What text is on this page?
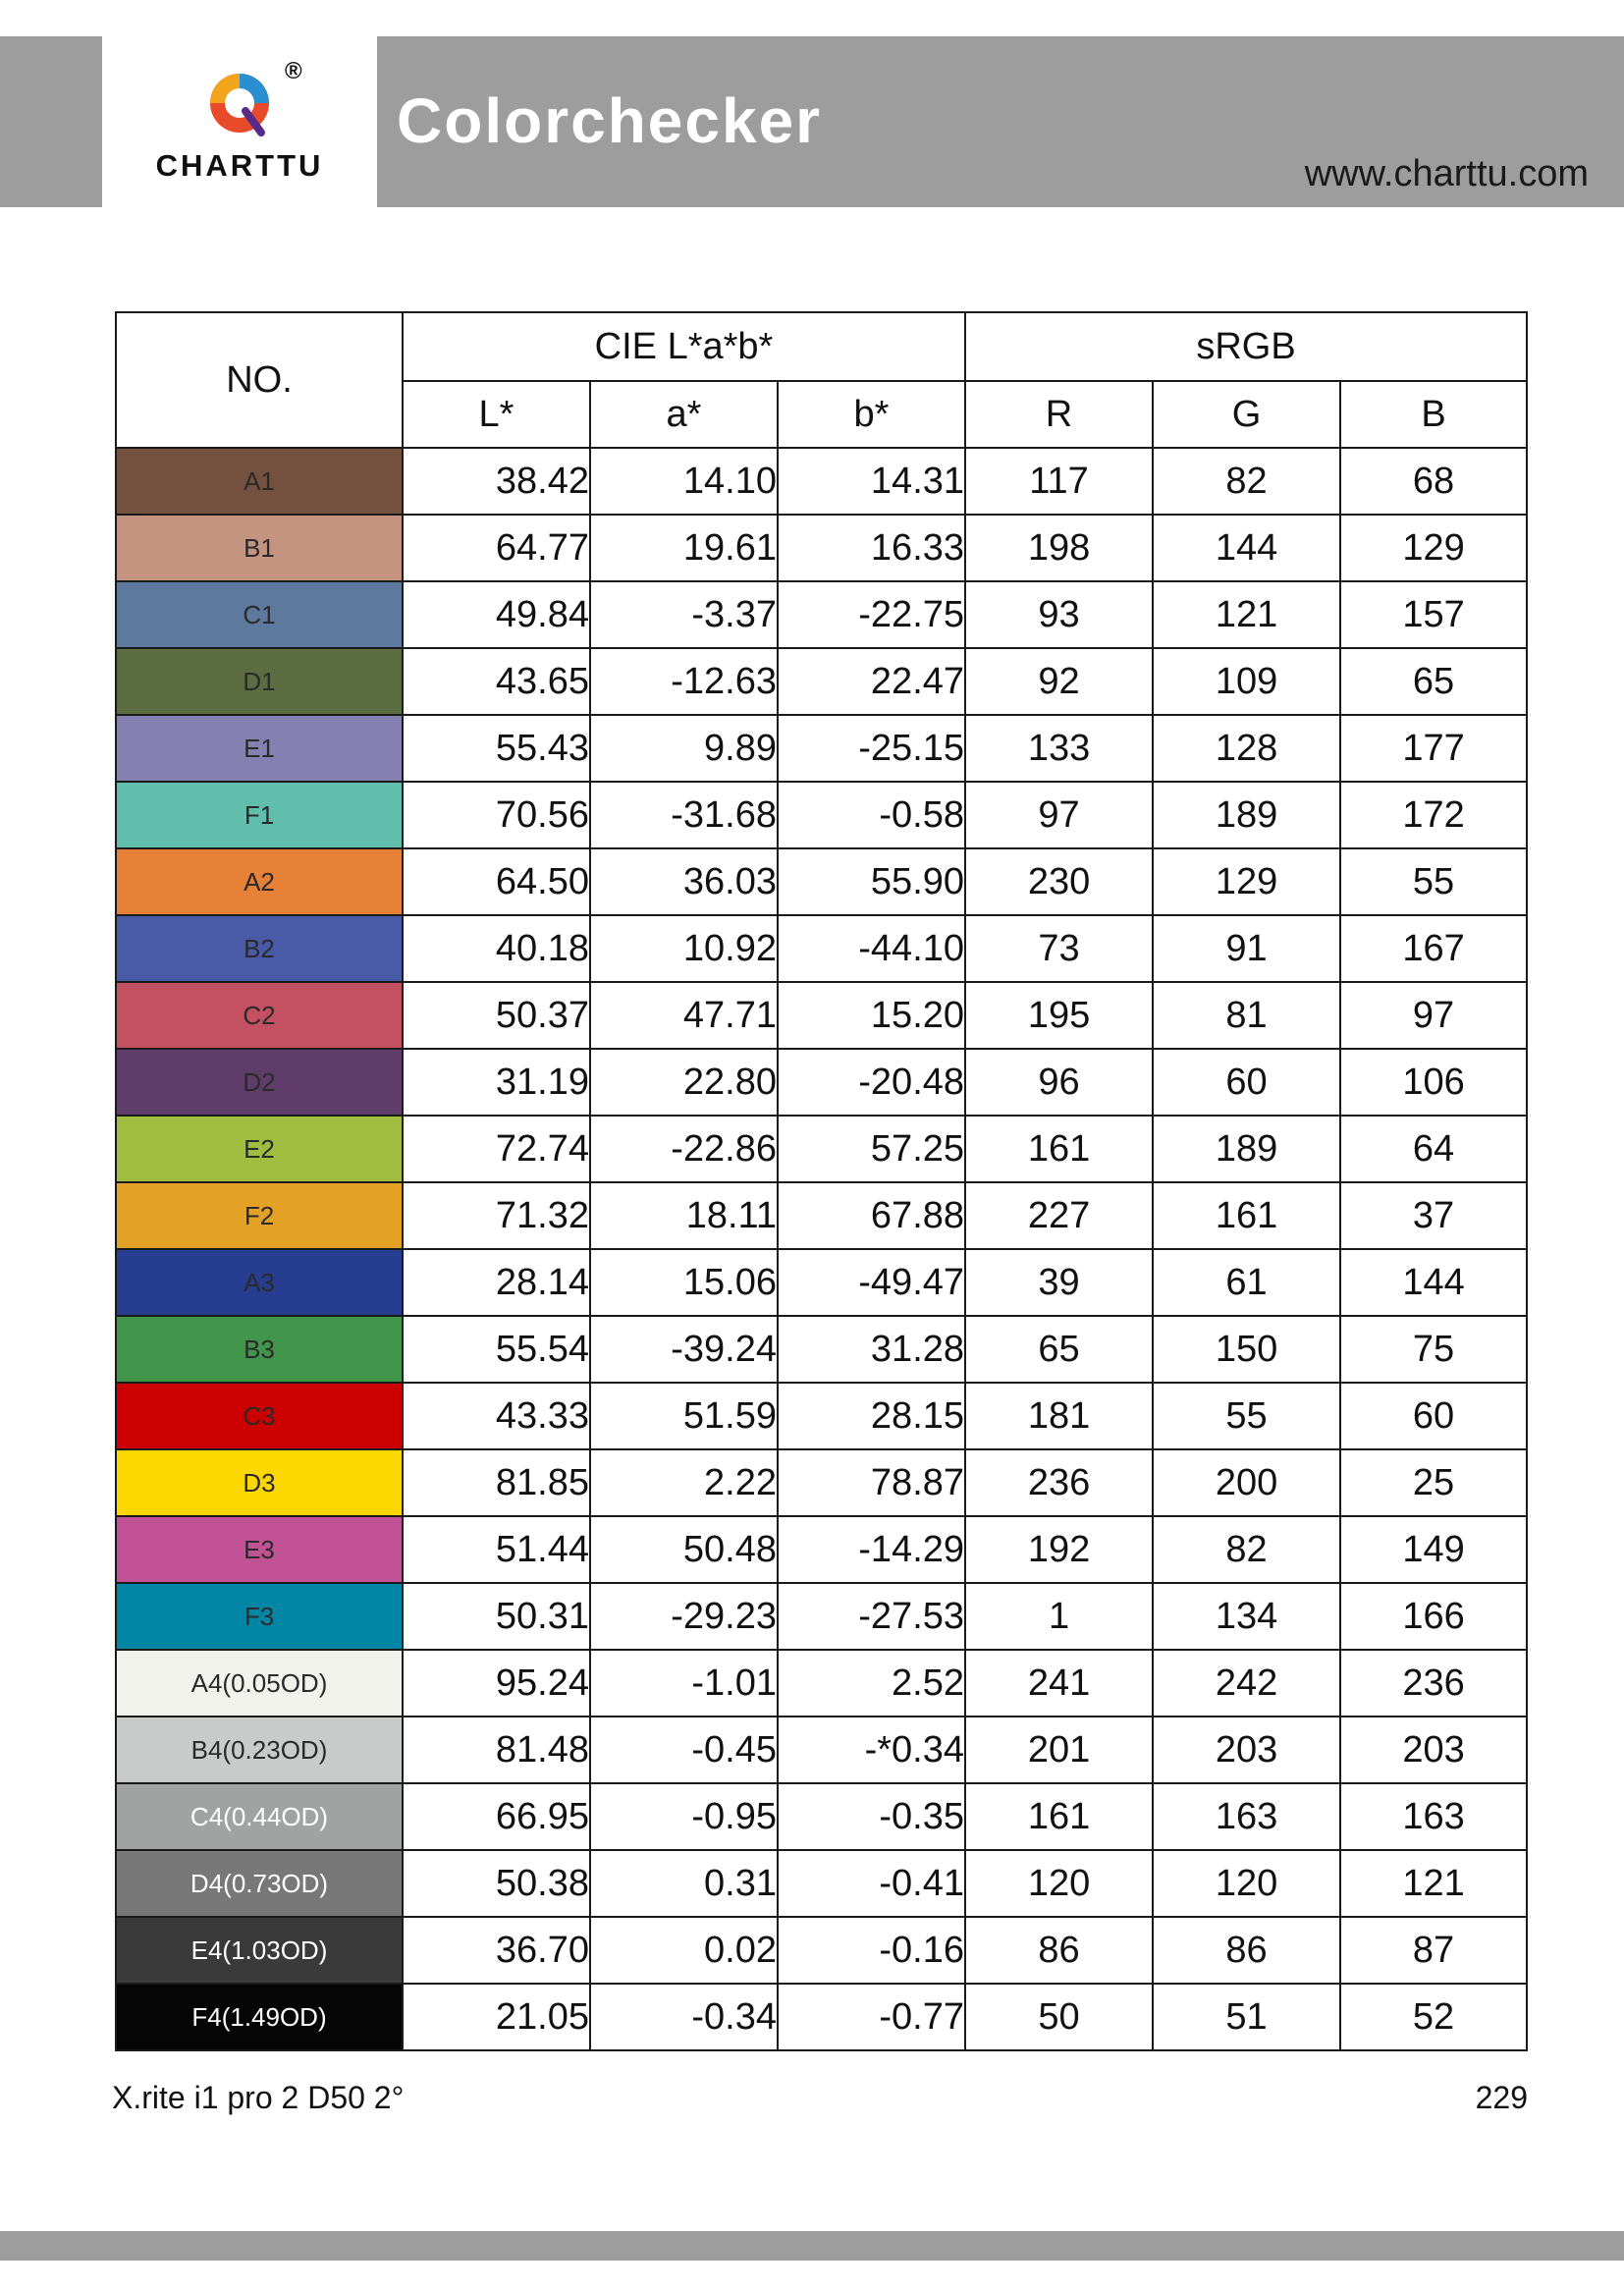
®
CHARTTU
Colorchecker
www.charttu.com
NO.	CIE L*a*b*			sRGB		
	L*	a*	b*	R	G	B
A1	38.42	14.10	14.31	117	82	68
B1	64.77	19.61	16.33	198	144	129
C1	49.84	-3.37	-22.75	93	121	157
D1	43.65	-12.63	22.47	92	109	65
E1	55.43	9.89	-25.15	133	128	177
F1	70.56	-31.68	-0.58	97	189	172
A2	64.50	36.03	55.90	230	129	55
B2	40.18	10.92	-44.10	73	91	167
C2	50.37	47.71	15.20	195	81	97
D2	31.19	22.80	-20.48	96	60	106
E2	72.74	-22.86	57.25	161	189	64
F2	71.32	18.11	67.88	227	161	37
A3	28.14	15.06	-49.47	39	61	144
B3	55.54	-39.24	31.28	65	150	75
C3	43.33	51.59	28.15	181	55	60
D3	81.85	2.22	78.87	236	200	25
E3	51.44	50.48	-14.29	192	82	149
F3	50.31	-29.23	-27.53	1	134	166
A4(0.05OD)	95.24	-1.01	2.52	241	242	236
B4(0.23OD)	81.48	-0.45	-*0.34	201	203	203
C4(0.44OD)	66.95	-0.95	-0.35	161	163	163
D4(0.73OD)	50.38	0.31	-0.41	120	120	121
E4(1.03OD)	36.70	0.02	-0.16	86	86	87
F4(1.49OD)	21.05	-0.34	-0.77	50	51	52
X.rite i1 pro 2 D50 2°	229
